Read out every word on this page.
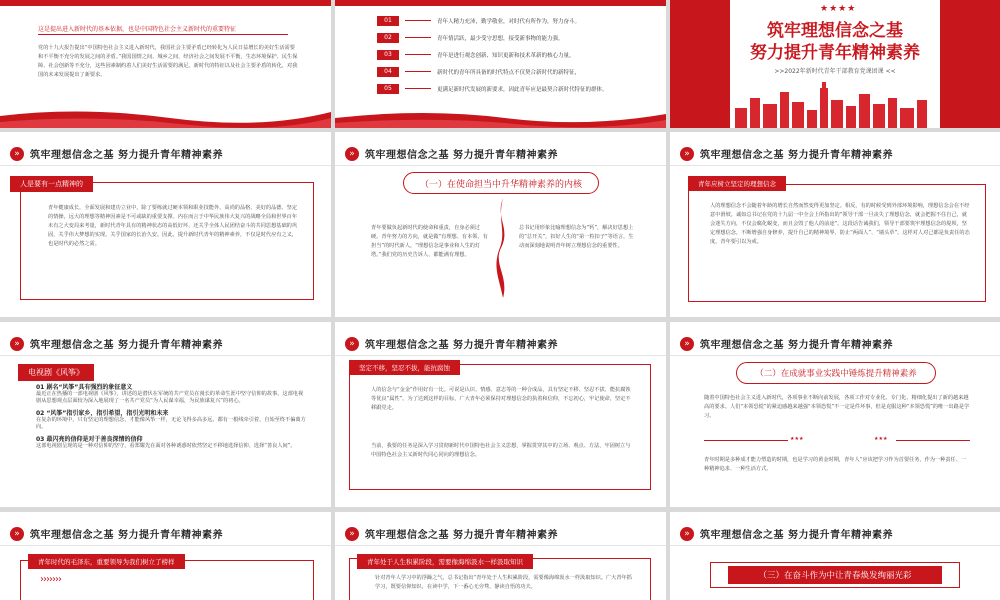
这是提出进入新时代的基本依据，也是中国特色社会主义新时代的重要特征
党的十九大报告提出“中国特色社会主义进入新时代，我国社会主要矛盾已经转化为人民日益增长的美好生活需要和不平衡不充分的发展之间的矛盾。”我国国情之间、城乡之间、经济社会之间发展不平衡，生态环境保护、民生保障、社会创新等不充分，这些因素制约着人们美好生活需要的满足。新时代的特征以及社会主要矛盾的转化，对我国的未来发展提出了新要求。
01	青年人精力充沛，勤学敬业，对时代有所作为，努力奋斗。
02	青年情活跃，最少受守思想，接受新事物的能力强。
03	青年是进行观念创新、知识更新和技术革新的核心力量。
04	新时代的青年所具备的时代特点不仅契合新时代的新特征，
05	更满足新时代发展的新要求，因此青年应是最契合新时代特征的群体。
★★★★
筑牢理想信念之基
努力提升青年精神素养
>>2022年新时代青年干部教育党课团课 <<
»	筑牢理想信念之基 努力提升青年精神素养
人是要有一点精神的
青年健康成长，全面发展和建功立业中，除了要练就过硬本领和职业技能外，高尚的品格、美好的品德、坚定的情操，远大的理想等精神因素是不可或缺的重要支撑。内在而言于中华民族伟大复兴的战略全局和世界百年未有之大变局来考量，新时代青年具有的精神状态的高低好坏、还关乎全体人民团结奋斗的共同思想基础的巩固，关乎伟大梦想的实现。关乎国家的长治久安。因此，提升新时代青年的精神素养，不仅是时代应有之义，也是时代的必然之需。
»	筑牢理想信念之基 努力提升青年精神素养
（一）在使命担当中升华精神素养的内核
青年要做负起新时代的使命和重责，自身必须过硬。青年努力的方向，就是做“有理想、有本领、有担当”的时代新人。“理想信念是事业和人生的灯塔。”我们党的历史告诉人、都能满有理想。
总书记用形象比喻理想信念为“钙”，解决好思想上的“总开关”，扣好人生的“第一粒扣子”等语言，生动而深刻地说明青年树立理想信念的重要性。
»	筑牢理想信念之基 努力提升青年精神素养
青年应树立坚定的理想信念
人的理想信念不会随着年龄的增长自然而然变得更加坚定。相反，有的时候受到外部环境影响，理想信念会在不经意中滑坡。诚如总书记在党的十九届一中全会上所指出的“领导干部一旦丧失了理想信念，就会把握不住自己，就会迷失方向，不仅会腐化蜕变，而且会毁了他人的前途”。这段话告诫我们，领导干部要筑牢理想信念的堤坝，坚定理想信念，不断增强自身修养，提升自己的精神境界，防止“两面人”、“墙头草”，这样对人对己都是负责任的态度。青年要引以为戒。
»	筑牢理想信念之基 努力提升青年精神素养
电视剧《风筝》
01 剧名“风筝”具有强烈的象征意义
最近正在热播的一部电视剧《风筝》，讲述的是潜伏在军统的共产党员在漫长的革命生涯中坚守信仰的故事。这部电视剧从思想观点层面较为深入地展现了一名共产党员“为人民谋幸福，为民族谋复兴”的初心。
02 “风筝”指引家乡，指引希望，指引光明和未来
在复杂的环境中，只有坚定的理想信念，才能像风筝一样，无论飞得多高多远，都有一根线牵引着，自始至终不偏离方向。
03 最闪亮的信仰是对于善良深情的信仰
这部电视剧呈现的是一种对信仰的坚守，看郑耀先在面对各种诱惑时依然坚定不移地选择信仰、选择“善良人间”。
»	筑牢理想信念之基 努力提升青年精神素养
坚定不移，坚忍不拔，能抗腐蚀
人的信念与“金金”作用好有一比。可说是认识、情感、意志等的一种合成品，具有坚定不移、坚忍不拔、能抗腐蚀等优良“属性”。为了达到这样的目标，广大青年必须保持对理想信念的执着和信仰，不忘初心，牢记使命，坚定不移跟党走。
当前，我要的任务是深入学习贯彻新时代中国特色社会主义思想，掌握贯穿其中的立场、观点、方法，牢固树立与中国特色社会主义新时代同心同向的理想信念。
»	筑牢理想信念之基 努力提升青年精神素养
（二）在成就事业实践中锤炼提升精神素养
随着中国特色社会主义进入新时代，各项事业不断向前发展，各项工作对专业化、专门化、精细化提出了新的越来越高的要求。人们“本领恐慌”的紧迫感越来越强“本领恐慌”不一定是件坏事，但是克服这种“本领恐慌”的唯一出路是学习。
★★★	★★★
青年时期是多种成才能力塑造的时期，也是学习的黄金时期，青年人“应该把学习作为首要任务，作为一种责任、一种精神追求、一种生活方式。
»	筑牢理想信念之基 努力提升青年精神素养
青年时代的毛泽东，重要领导为我们树立了榜样
›››››››
»	筑牢理想信念之基 努力提升青年精神素养
青年处于人生积累阶段，需要像海绵汲水一样汲取知识
针对青年人学习中的浮躁之气，总书记指出“青年处于人生积累阶段，需要像海绵汲水一样汲取知识。广大青年抓学习，既要信仰知识，在读中学，下一番心无旁骛、静读自悟的功夫。
»	筑牢理想信念之基 努力提升青年精神素养
（三）在奋斗作为中让青春焕发绚丽光彩
